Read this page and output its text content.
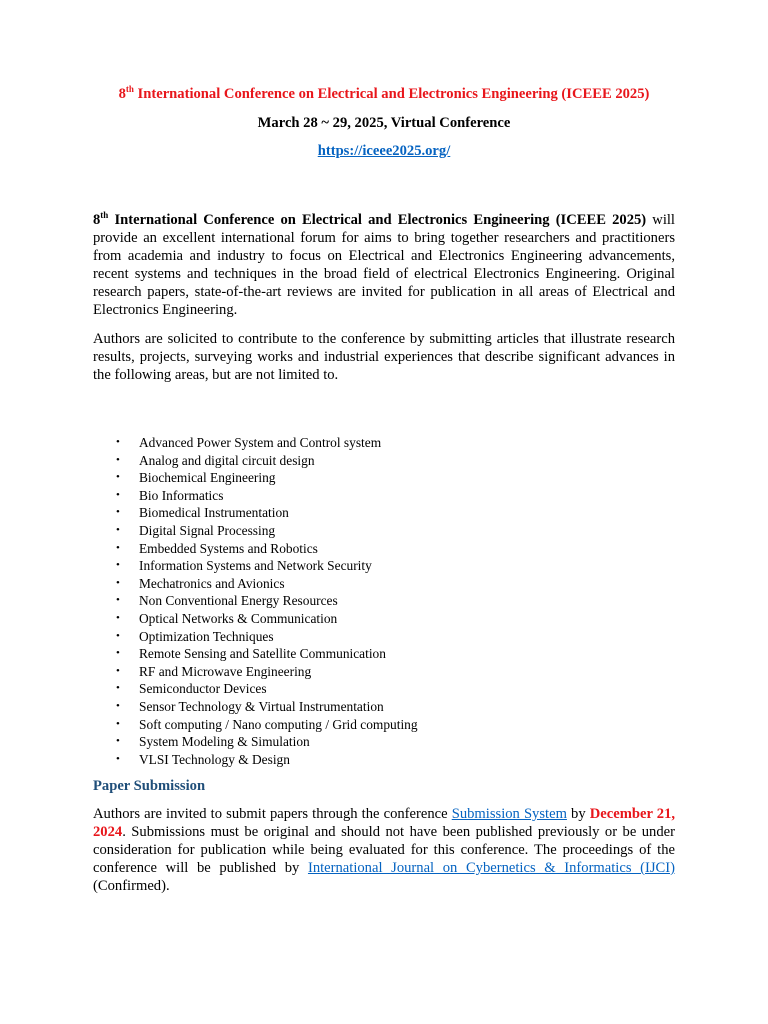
8th International Conference on Electrical and Electronics Engineering (ICEEE 2025)
March 28 ~ 29, 2025, Virtual Conference
https://iceee2025.org/
8th International Conference on Electrical and Electronics Engineering (ICEEE 2025) will provide an excellent international forum for aims to bring together researchers and practitioners from academia and industry to focus on Electrical and Electronics Engineering advancements, recent systems and techniques in the broad field of electrical Electronics Engineering. Original research papers, state-of-the-art reviews are invited for publication in all areas of Electrical and Electronics Engineering.
Authors are solicited to contribute to the conference by submitting articles that illustrate research results, projects, surveying works and industrial experiences that describe significant advances in the following areas, but are not limited to.
• Advanced Power System and Control system
• Analog and digital circuit design
• Biochemical Engineering
• Bio Informatics
• Biomedical Instrumentation
• Digital Signal Processing
• Embedded Systems and Robotics
• Information Systems and Network Security
• Mechatronics and Avionics
• Non Conventional Energy Resources
• Optical Networks & Communication
• Optimization Techniques
• Remote Sensing and Satellite Communication
• RF and Microwave Engineering
• Semiconductor Devices
• Sensor Technology & Virtual Instrumentation
• Soft computing / Nano computing / Grid computing
• System Modeling & Simulation
• VLSI Technology & Design
Paper Submission
Authors are invited to submit papers through the conference Submission System by December 21, 2024. Submissions must be original and should not have been published previously or be under consideration for publication while being evaluated for this conference. The proceedings of the conference will be published by International Journal on Cybernetics & Informatics (IJCI) (Confirmed).
